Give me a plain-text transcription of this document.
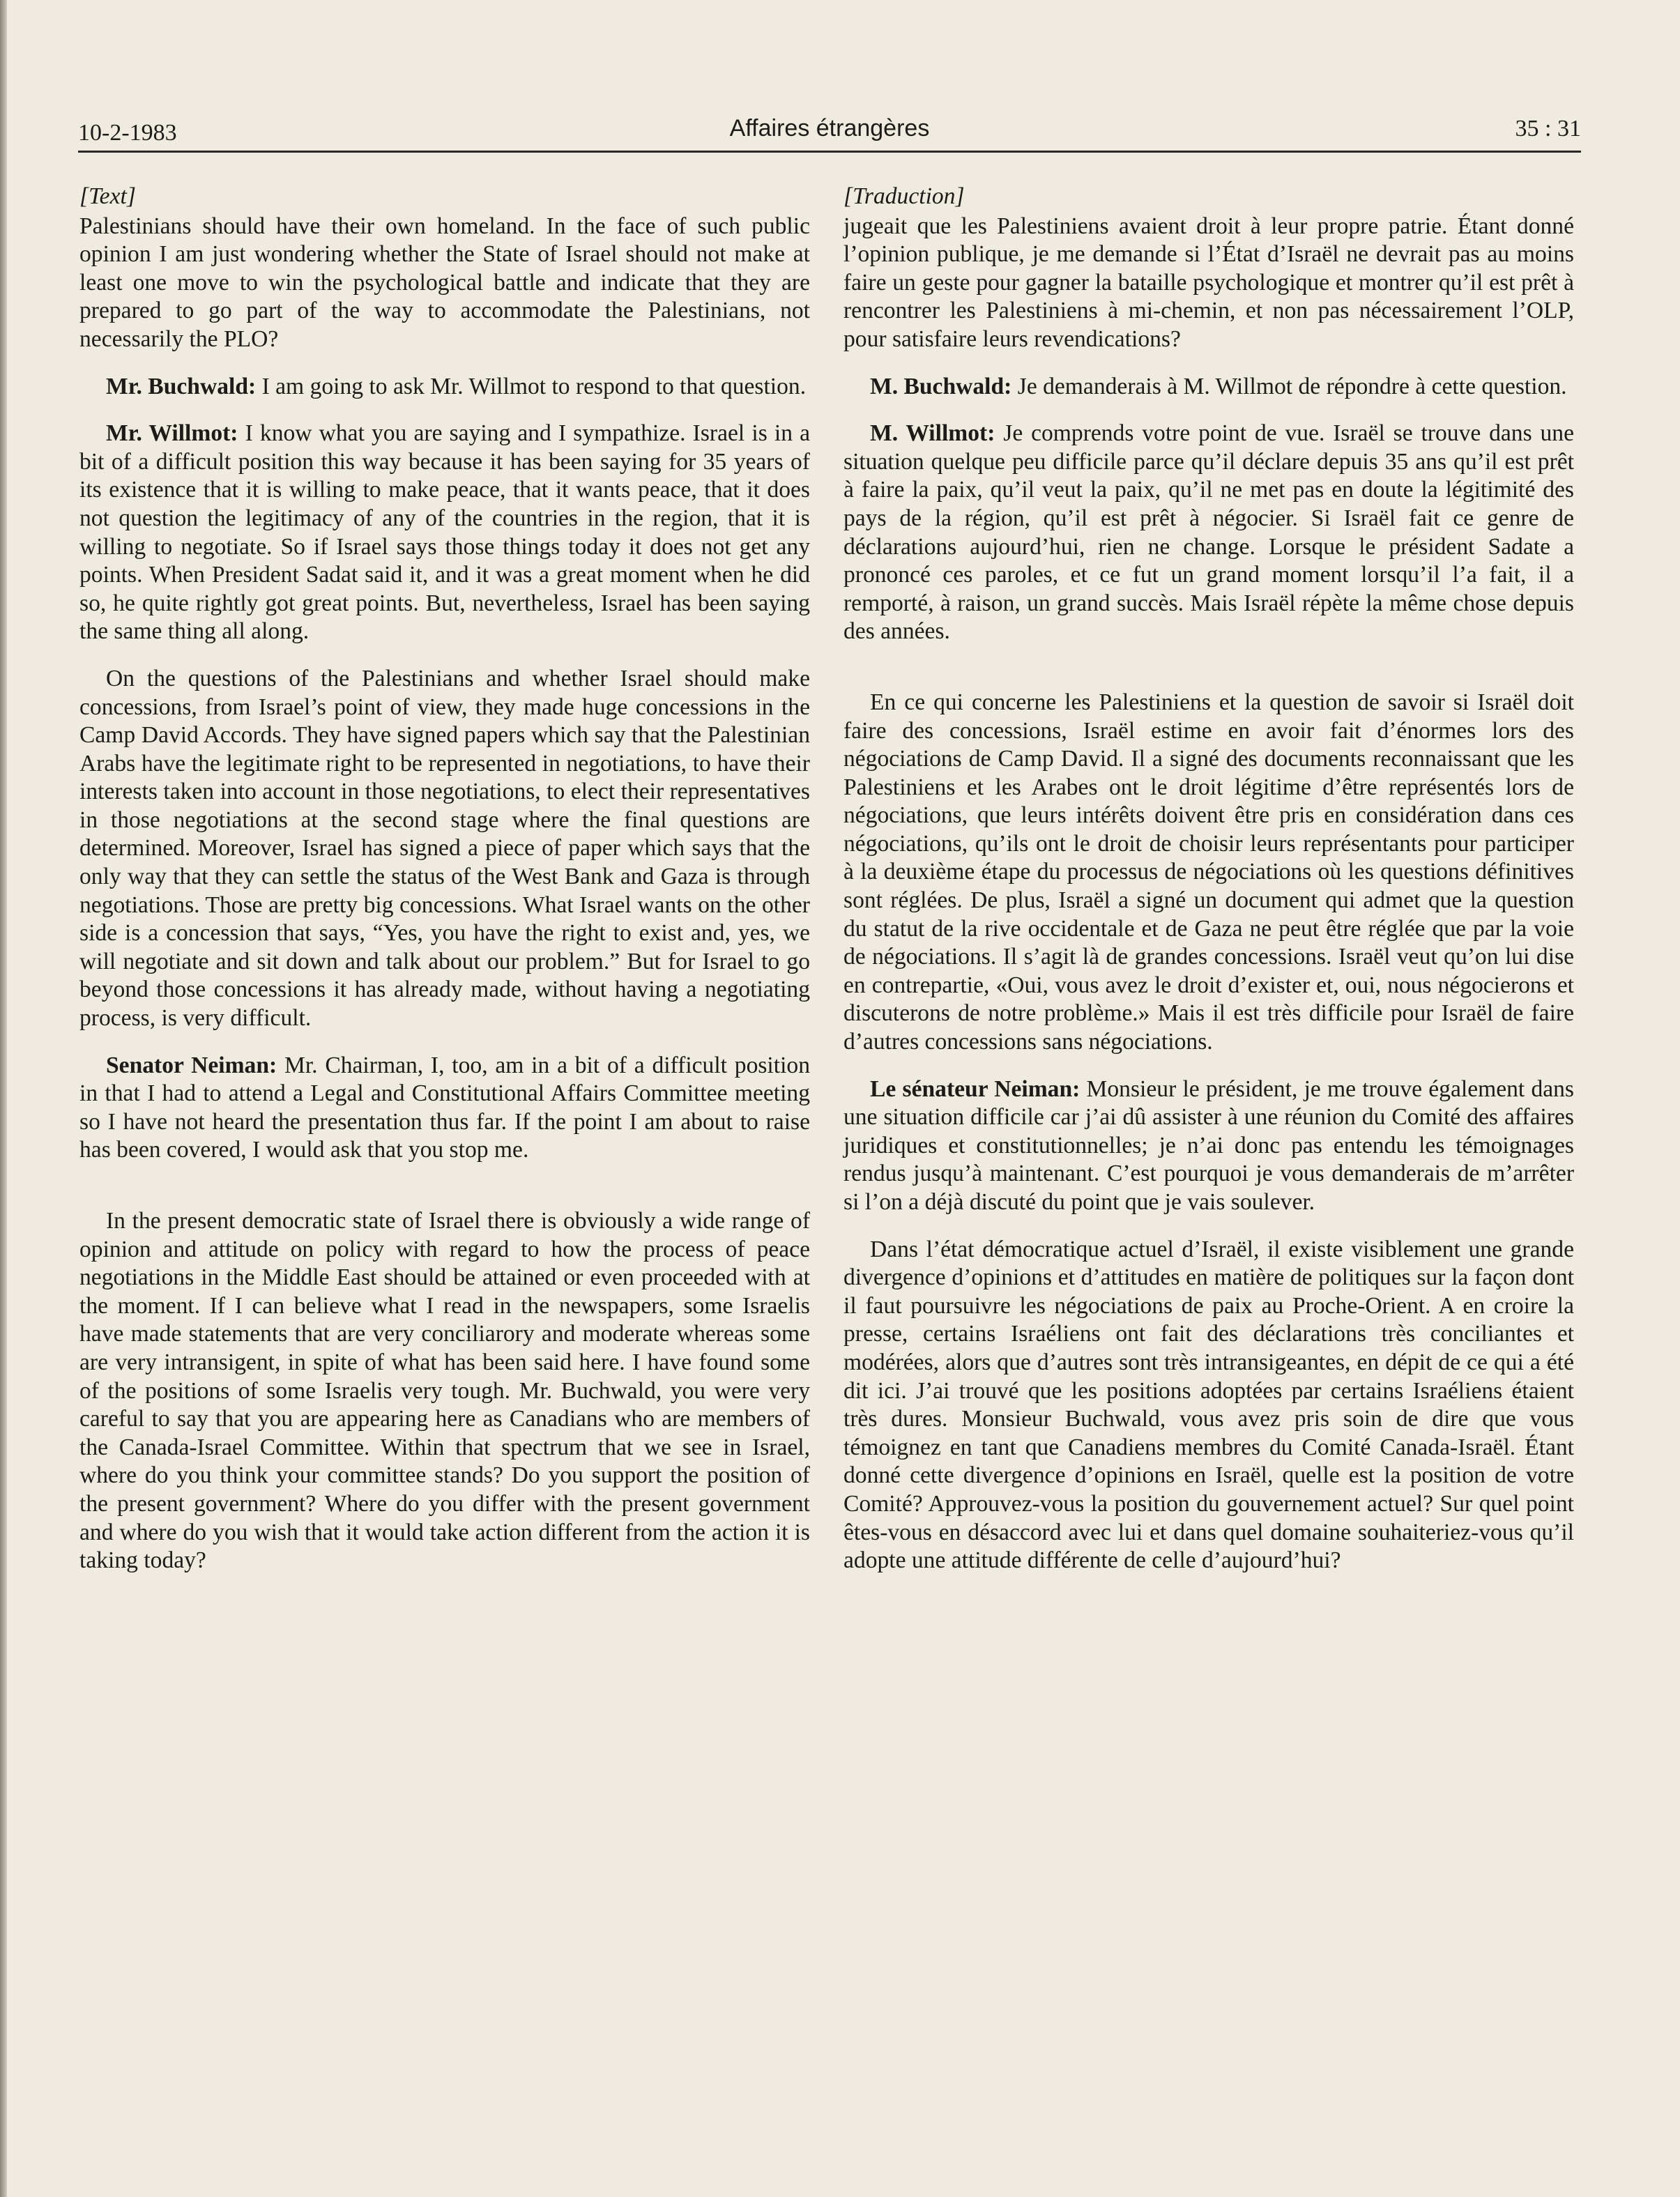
10-2-1983	Affaires étrangères	35 : 31

[Text]

Palestinians should have their own homeland. In the face of such public opinion I am just wondering whether the State of Israel should not make at least one move to win the psychological battle and indicate that they are prepared to go part of the way to accommodate the Palestinians, not necessarily the PLO?

Mr. Buchwald: I am going to ask Mr. Willmot to respond to that question.

Mr. Willmot: I know what you are saying and I sympathize. Israel is in a bit of a difficult position this way because it has been saying for 35 years of its existence that it is willing to make peace, that it wants peace, that it does not question the legitimacy of any of the countries in the region, that it is willing to negotiate. So if Israel says those things today it does not get any points. When President Sadat said it, and it was a great moment when he did so, he quite rightly got great points. But, nevertheless, Israel has been saying the same thing all along.

On the questions of the Palestinians and whether Israel should make concessions, from Israel’s point of view, they made huge concessions in the Camp David Accords. They have signed papers which say that the Palestinian Arabs have the legitimate right to be represented in negotiations, to have their interests taken into account in those negotiations, to elect their representatives in those negotiations at the second stage where the final questions are determined. Moreover, Israel has signed a piece of paper which says that the only way that they can settle the status of the West Bank and Gaza is through negotiations. Those are pretty big concessions. What Israel wants on the other side is a concession that says, “Yes, you have the right to exist and, yes, we will negotiate and sit down and talk about our problem.” But for Israel to go beyond those concessions it has already made, without having a negotiating process, is very difficult.

Senator Neiman: Mr. Chairman, I, too, am in a bit of a difficult position in that I had to attend a Legal and Constitutional Affairs Committee meeting so I have not heard the presentation thus far. If the point I am about to raise has been covered, I would ask that you stop me.

In the present democratic state of Israel there is obviously a wide range of opinion and attitude on policy with regard to how the process of peace negotiations in the Middle East should be attained or even proceeded with at the moment. If I can believe what I read in the newspapers, some Israelis have made statements that are very conciliarory and moderate whereas some are very intransigent, in spite of what has been said here. I have found some of the positions of some Israelis very tough. Mr. Buchwald, you were very careful to say that you are appearing here as Canadians who are members of the Canada-Israel Committee. Within that spectrum that we see in Israel, where do you think your committee stands? Do you support the position of the present government? Where do you differ with the present government and where do you wish that it would take action different from the action it is taking today?

[Traduction]

jugeait que les Palestiniens avaient droit à leur propre patrie. Étant donné l’opinion publique, je me demande si l’État d’Israël ne devrait pas au moins faire un geste pour gagner la bataille psychologique et montrer qu’il est prêt à rencontrer les Palestiniens à mi-chemin, et non pas nécessairement l’OLP, pour satisfaire leurs revendications?

M. Buchwald: Je demanderais à M. Willmot de répondre à cette question.

M. Willmot: Je comprends votre point de vue. Israël se trouve dans une situation quelque peu difficile parce qu’il déclare depuis 35 ans qu’il est prêt à faire la paix, qu’il veut la paix, qu’il ne met pas en doute la légitimité des pays de la région, qu’il est prêt à négocier. Si Israël fait ce genre de déclarations aujourd’hui, rien ne change. Lorsque le président Sadate a prononcé ces paroles, et ce fut un grand moment lorsqu’il l’a fait, il a remporté, à raison, un grand succès. Mais Israël répète la même chose depuis des années.

En ce qui concerne les Palestiniens et la question de savoir si Israël doit faire des concessions, Israël estime en avoir fait d’énormes lors des négociations de Camp David. Il a signé des documents reconnaissant que les Palestiniens et les Arabes ont le droit légitime d’être représentés lors de négociations, que leurs intérêts doivent être pris en considération dans ces négociations, qu’ils ont le droit de choisir leurs représentants pour participer à la deuxième étape du processus de négociations où les questions définitives sont réglées. De plus, Israël a signé un document qui admet que la question du statut de la rive occidentale et de Gaza ne peut être réglée que par la voie de négociations. Il s’agit là de grandes concessions. Israël veut qu’on lui dise en contrepartie, «Oui, vous avez le droit d’exister et, oui, nous négocierons et discuterons de notre problème.» Mais il est très difficile pour Israël de faire d’autres concessions sans négociations.

Le sénateur Neiman: Monsieur le président, je me trouve également dans une situation difficile car j’ai dû assister à une réunion du Comité des affaires juridiques et constitutionnelles; je n’ai donc pas entendu les témoignages rendus jusqu’à maintenant. C’est pourquoi je vous demanderais de m’arrêter si l’on a déjà discuté du point que je vais soulever.

Dans l’état démocratique actuel d’Israël, il existe visiblement une grande divergence d’opinions et d’attitudes en matière de politiques sur la façon dont il faut poursuivre les négociations de paix au Proche-Orient. A en croire la presse, certains Israéliens ont fait des déclarations très conciliantes et modérées, alors que d’autres sont très intransigeantes, en dépit de ce qui a été dit ici. J’ai trouvé que les positions adoptées par certains Israéliens étaient très dures. Monsieur Buchwald, vous avez pris soin de dire que vous témoignez en tant que Canadiens membres du Comité Canada-Israël. Étant donné cette divergence d’opinions en Israël, quelle est la position de votre Comité? Approuvez-vous la position du gouvernement actuel? Sur quel point êtes-vous en désaccord avec lui et dans quel domaine souhaiteriez-vous qu’il adopte une attitude différente de celle d’aujourd’hui?
